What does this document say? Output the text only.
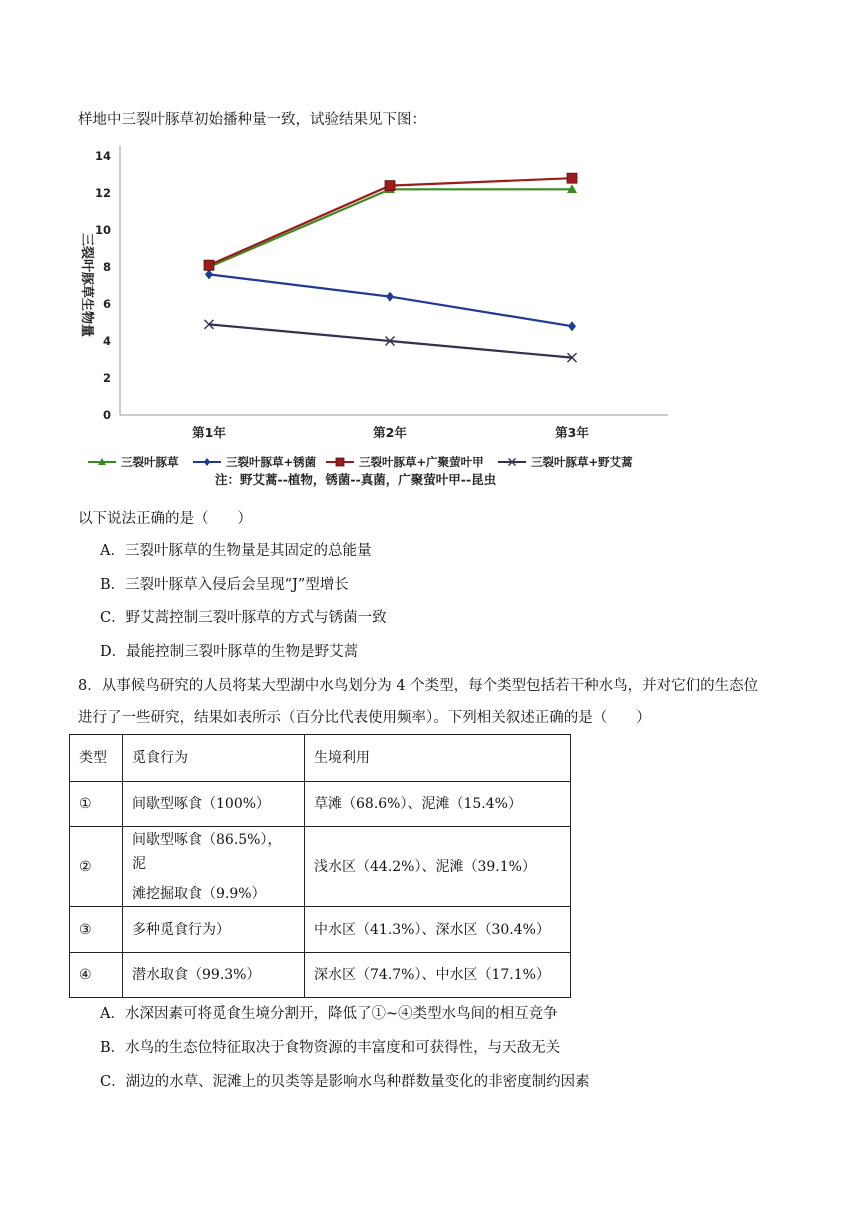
样地中三裂叶豚草初始播种量一致，试验结果见下图：
0
2
4
6
8
10
12
14
第1年	第2年	第3年
三裂叶豚草生物量
三裂叶豚草	三裂叶豚草+锈菌	三裂叶豚草+广聚萤叶甲	三裂叶豚草+野艾蒿
注：野艾蒿--植物，锈菌--真菌，广聚萤叶甲--昆虫
以下说法正确的是（　　）
A．三裂叶豚草的生物量是其固定的总能量
B．三裂叶豚草入侵后会呈现“J”型增长
C．野艾蒿控制三裂叶豚草的方式与锈菌一致
D．最能控制三裂叶豚草的生物是野艾蒿
8．从事候鸟研究的人员将某大型湖中水鸟划分为 4 个类型，每个类型包括若干种水鸟，并对它们的生态位
进行了一些研究，结果如表所示（百分比代表使用频率）。下列相关叙述正确的是（　　）
类型	觅食行为	生境利用
①	间歇型啄食（100%）	草滩（68.6%）、泥滩（15.4%）
②	间歇型啄食（86.5%），泥
滩挖掘取食（9.9%）	浅水区（44.2%）、泥滩（39.1%）
③	多种觅食行为）	中水区（41.3%）、深水区（30.4%）
④	潜水取食（99.3%）	深水区（74.7%）、中水区（17.1%）
A．水深因素可将觅食生境分割开，降低了①~④类型水鸟间的相互竞争
B．水鸟的生态位特征取决于食物资源的丰富度和可获得性，与天敌无关
C．湖边的水草、泥滩上的贝类等是影响水鸟种群数量变化的非密度制约因素
